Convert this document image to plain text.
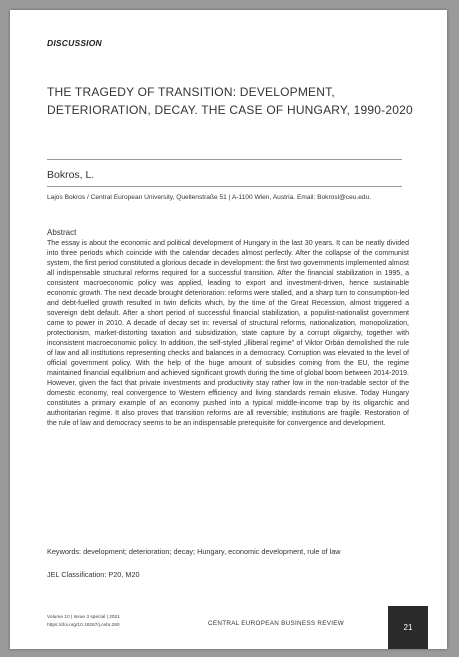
DISCUSSION
THE TRAGEDY OF TRANSITION: DEVELOPMENT, DETERIORATION, DECAY. THE CASE OF HUNGARY, 1990-2020
Bokros, L.
Lajos Bokros / Central European University, Quellenstraße 51 | A-1100 Wien, Austria. Email: Bokrosl@ceu.edu.
Abstract

The essay is about the economic and political development of Hungary in the last 30 years. It can be neatly divided into three periods which coincide with the calendar decades almost perfectly. After the collapse of the communist system, the first period constituted a glorious decade in development: the first two governments implemented almost all indispensable structural reforms required for a successful transition. After the financial stabilization in 1995, a consistent macroeconomic policy was applied, leading to export and investment-driven, hence sustainable economic growth. The next decade brought deterioration: reforms were stalled, and a sharp turn to consumption-led and debt-fuelled growth resulted in twin deficits which, by the time of the Great Recession, almost triggered a sovereign debt default. After a short period of successful financial stabilization, a populist-nationalist government came to power in 2010. A decade of decay set in: reversal of structural reforms, nationalization, monopolization, protectionism, market-distorting taxation and subsidization, state capture by a corrupt oligarchy, together with inconsistent macroeconomic policy. In addition, the self-styled „illiberal regime” of Viktor Orbán demolished the rule of law and all institutions representing checks and balances in a democracy. Corruption was elevated to the level of official government policy. With the help of the huge amount of subsidies coming from the EU, the regime maintained financial equilibrium and achieved significant growth during the time of global boom between 2014-2019. However, given the fact that private investments and productivity stay rather low in the non-tradable sector of the domestic economy, real convergence to Western efficiency and living standards remain elusive. Today Hungary constitutes a primary example of an economy pushed into a typical middle-income trap by its oligarchic and authoritarian regime. It also proves that transition reforms are all reversible; institutions are fragile. Restoration of the rule of law and democracy seems to be an indispensable prerequisite for convergence and development.

Keywords: development; deterioration; decay; Hungary, economic development, rule of law
JEL Classification: P20, M20
Volume 10 | Issue 3 special | 2021
https://doi.org/10.18267/j.cebr.280	CENTRAL EUROPEAN BUSINESS REVIEW	21
